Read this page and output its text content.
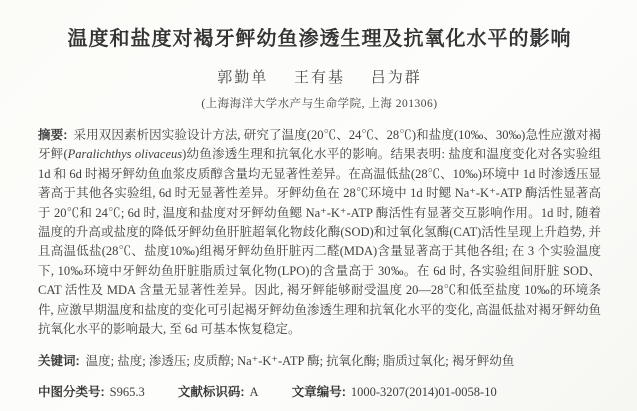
温度和盐度对褐牙鲆幼鱼渗透生理及抗氧化水平的影响
郭勤单 王有基 吕为群
(上海海洋大学水产与生命学院, 上海 201306)

摘要: 采用双因素析因实验设计方法, 研究了温度(20℃、24℃、28℃)和盐度(10‰、30‰)急性应激对褐牙鲆(Paralichthys olivaceus)幼鱼渗透生理和抗氧化水平的影响。结果表明: 盐度和温度变化对各实验组 1d 和 6d 时褐牙鲆幼鱼血浆皮质醇含量均无显著性差异。在高温低盐(28℃、10‰)环境中 1d 时渗透压显著高于其他各实验组, 6d 时无显著性差异。牙鲆幼鱼在 28℃环境中 1d 时鳃 Na⁺-K⁺-ATP 酶活性显著高于 20℃和 24℃; 6d 时, 温度和盐度对牙鲆幼鱼鳃 Na⁺-K⁺-ATP 酶活性有显著交互影响作用。1d 时, 随着温度的升高或盐度的降低牙鲆幼鱼肝脏超氧化物歧化酶(SOD)和过氧化氢酶(CAT)活性呈现上升趋势, 并且高温低盐(28℃、盐度10‰)组褐牙鲆幼鱼肝脏丙二醛(MDA)含量显著高于其他各组; 在 3 个实验温度下, 10‰环境中牙鲆幼鱼肝脏脂质过氧化物(LPO)的含量高于 30‰。在 6d 时, 各实验组间肝脏 SOD、CAT 活性及 MDA 含量无显著性差异。因此, 褐牙鲆能够耐受温度 20—28℃和低至盐度 10‰的环境条件, 应激早期温度和盐度的变化可引起褐牙鲆幼鱼渗透生理和抗氧化水平的变化, 高温低盐对褐牙鲆幼鱼抗氧化水平的影响最大, 至 6d 可基本恢复稳定。

关键词: 温度; 盐度; 渗透压; 皮质醇; Na⁺-K⁺-ATP 酶; 抗氧化酶; 脂质过氧化; 褐牙鲆幼鱼

中图分类号: S965.3	文献标识码: A	文章编号: 1000-3207(2014)01-0058-10
